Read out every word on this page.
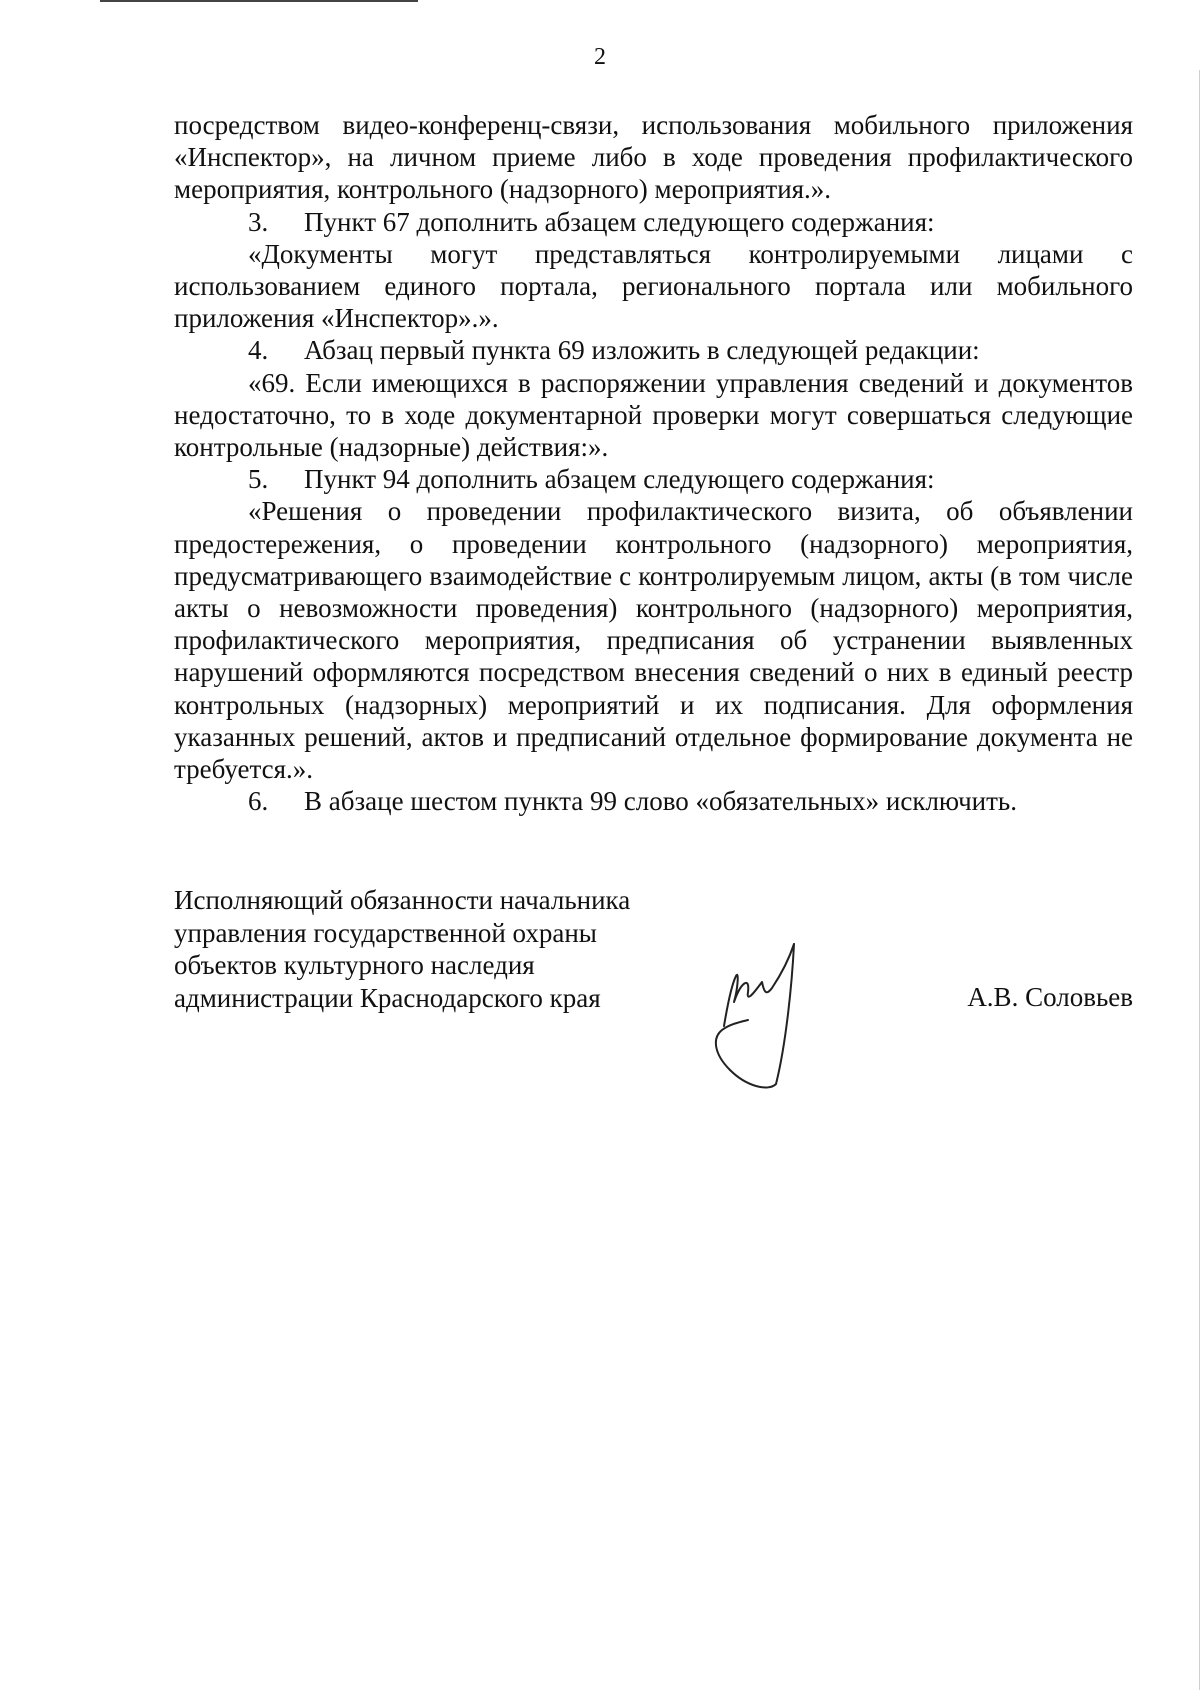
2

посредством видео-конференц-связи, использования мобильного приложения «Инспектор», на личном приеме либо в ходе проведения профилактического мероприятия, контрольного (надзорного) мероприятия.».

3. Пункт 67 дополнить абзацем следующего содержания:

«Документы могут представляться контролируемыми лицами с использованием единого портала, регионального портала или мобильного приложения «Инспектор».».

4. Абзац первый пункта 69 изложить в следующей редакции:

«69. Если имеющихся в распоряжении управления сведений и документов недостаточно, то в ходе документарной проверки могут совершаться следующие контрольные (надзорные) действия:».

5. Пункт 94 дополнить абзацем следующего содержания:

«Решения о проведении профилактического визита, об объявлении предостережения, о проведении контрольного (надзорного) мероприятия, предусматривающего взаимодействие с контролируемым лицом, акты (в том числе акты о невозможности проведения) контрольного (надзорного) мероприятия, профилактического мероприятия, предписания об устранении выявленных нарушений оформляются посредством внесения сведений о них в единый реестр контрольных (надзорных) мероприятий и их подписания. Для оформления указанных решений, актов и предписаний отдельное формирование документа не требуется.».

6. В абзаце шестом пункта 99 слово «обязательных» исключить.

Исполняющий обязанности начальника
управления государственной охраны
объектов культурного наследия
администрации Краснодарского края	А.В. Соловьев
